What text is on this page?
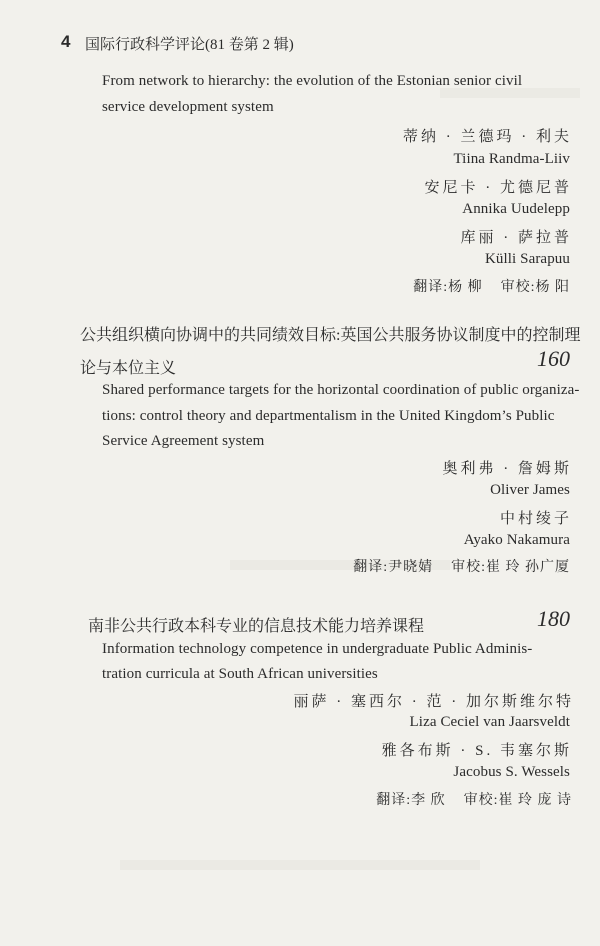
4 国际行政科学评论(81 卷第 2 辑)
From network to hierarchy: the evolution of the Estonian senior civil
service development system
蒂纳 · 兰德玛 · 利夫
Tiina Randma-Liiv
安尼卡 · 尤德尼普
Annika Uudelepp
库丽 · 萨拉普
Külli Sarapuu
翻译:杨 柳    审校:杨 阳
公共组织横向协调中的共同绩效目标:英国公共服务协议制度中的控制理
论与本位主义	160
Shared performance targets for the horizontal coordination of public organiza-
tions: control theory and departmentalism in the United Kingdom’s Public
Service Agreement system
奥利弗 · 詹姆斯
Oliver James
中村绫子
Ayako Nakamura
翻译:尹晓婧    审校:崔 玲 孙广厦
南非公共行政本科专业的信息技术能力培养课程	180
Information technology competence in undergraduate Public Adminis-
tration curricula at South African universities
丽萨 · 塞西尔 · 范 · 加尔斯维尔特
Liza Ceciel van Jaarsveldt
雅各布斯 · S. 韦塞尔斯
Jacobus S. Wessels
翻译:李 欣    审校:崔 玲 庞 诗
